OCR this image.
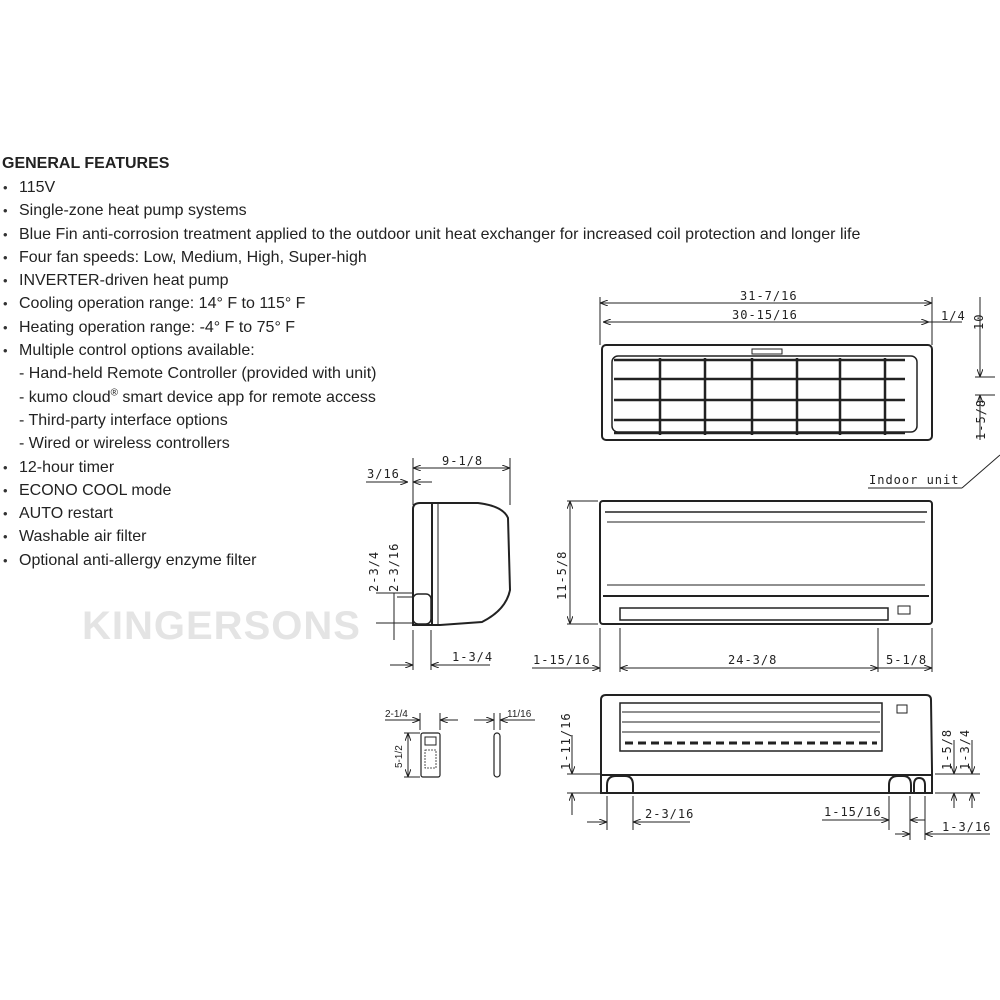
GENERAL FEATURES
• 115V
• Single-zone heat pump systems
• Blue Fin anti-corrosion treatment applied to the outdoor unit heat exchanger for increased coil protection and longer life
• Four fan speeds: Low, Medium, High, Super-high
• INVERTER-driven heat pump
• Cooling operation range: 14° F to 115° F
• Heating operation range: -4° F to 75° F
• Multiple control options available:
- Hand-held Remote Controller (provided with unit)
- kumo cloud® smart device app for remote access
- Third-party interface options
- Wired or wireless controllers
• 12-hour timer
• ECONO COOL mode
• AUTO restart
• Washable air filter
• Optional anti-allergy enzyme filter
KINGERSONS
31-7/16
30-15/16	1/4 10
1-5/8
Indoor unit
9-1/8
3/16
2-3/4 2-3/16
1-3/4
11-5/8
1-15/16	24-3/8	5-1/8
2-1/4
5-1/2
11/16 1-11/16
2-3/16	1-15/16
1-3/16
1-5/8 1-3/4
